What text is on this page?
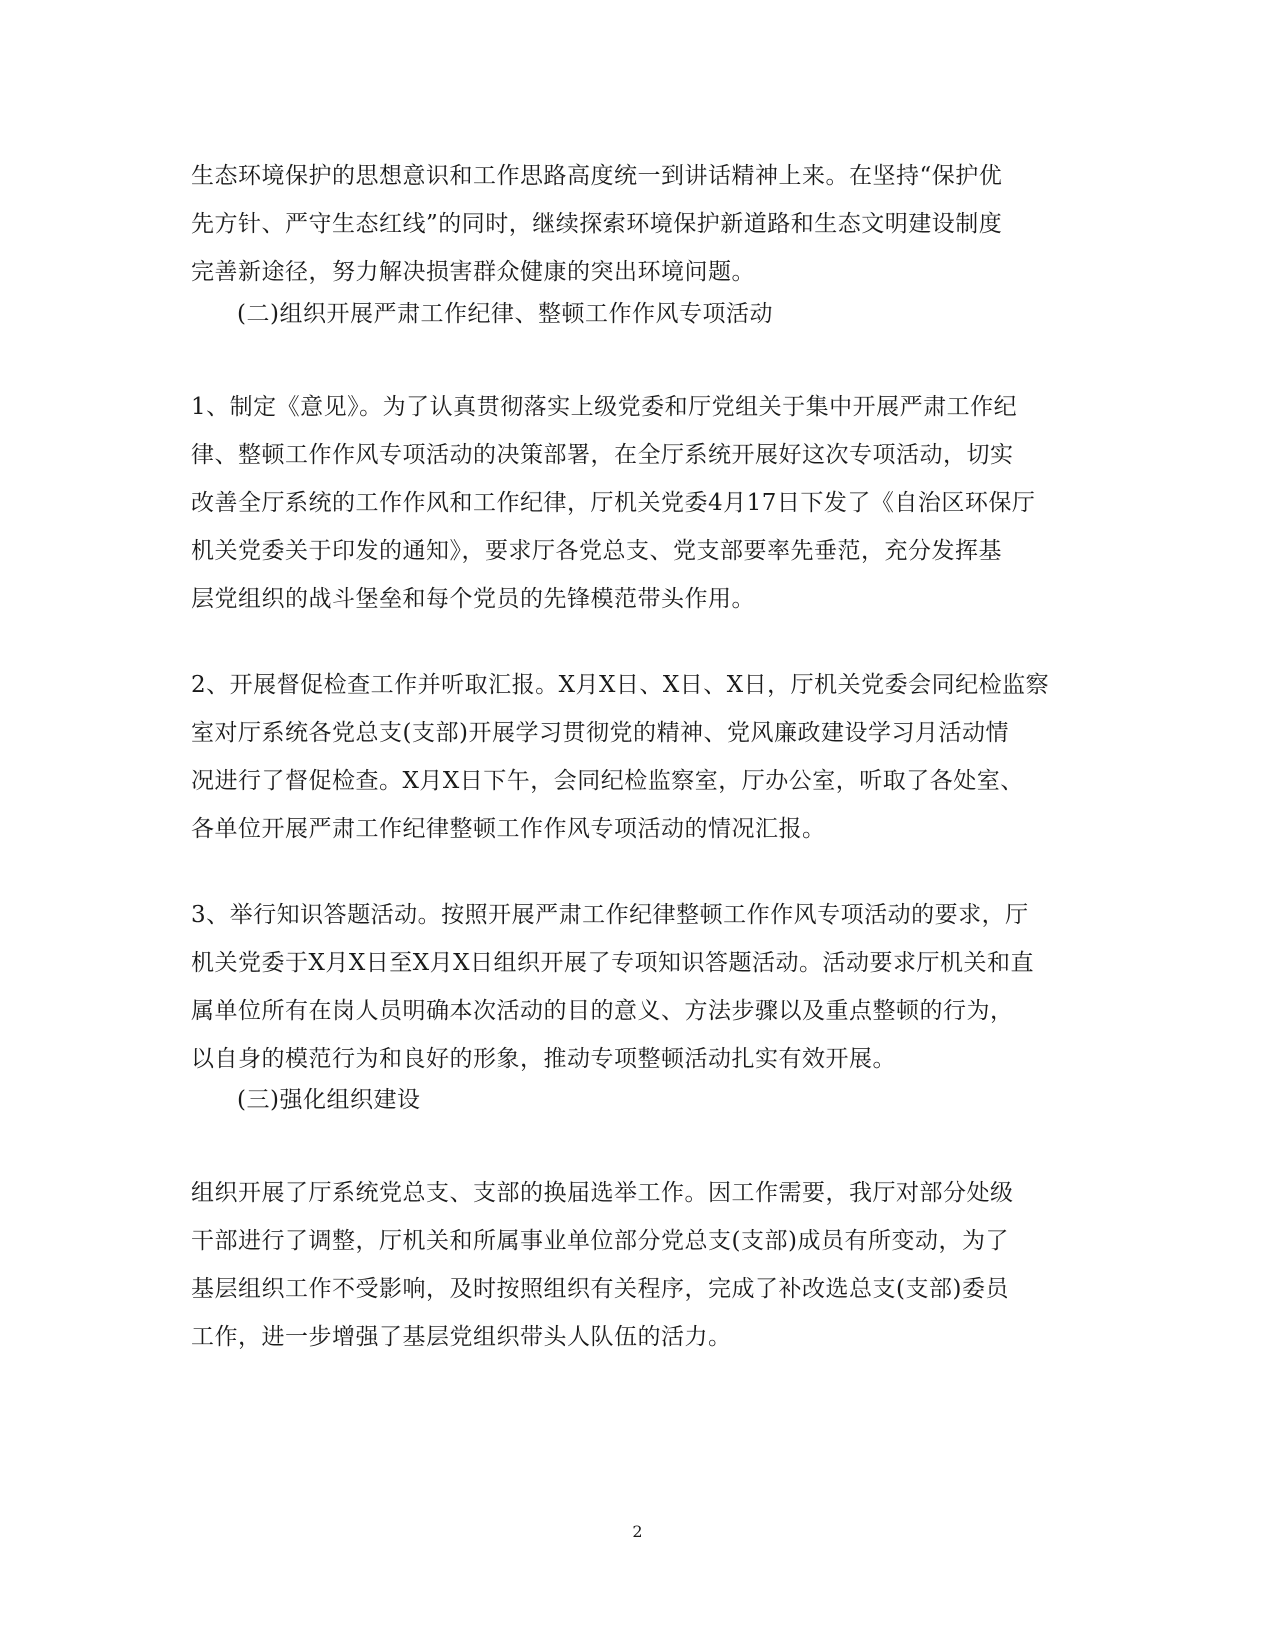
生态环境保护的思想意识和工作思路高度统一到讲话精神上来。在坚持“保护优
先方针、严守生态红线”的同时，继续探索环境保护新道路和生态文明建设制度
完善新途径，努力解决损害群众健康的突出环境问题。
(二)组织开展严肃工作纪律、整顿工作作风专项活动
1、制定《意见》。为了认真贯彻落实上级党委和厅党组关于集中开展严肃工作纪
律、整顿工作作风专项活动的决策部署，在全厅系统开展好这次专项活动，切实
改善全厅系统的工作作风和工作纪律，厅机关党委4月17日下发了《自治区环保厅
机关党委关于印发的通知》，要求厅各党总支、党支部要率先垂范，充分发挥基
层党组织的战斗堡垒和每个党员的先锋模范带头作用。
2、开展督促检查工作并听取汇报。X月X日、X日、X日，厅机关党委会同纪检监察
室对厅系统各党总支(支部)开展学习贯彻党的精神、党风廉政建设学习月活动情
况进行了督促检查。X月X日下午，会同纪检监察室，厅办公室，听取了各处室、
各单位开展严肃工作纪律整顿工作作风专项活动的情况汇报。
3、举行知识答题活动。按照开展严肃工作纪律整顿工作作风专项活动的要求，厅
机关党委于X月X日至X月X日组织开展了专项知识答题活动。活动要求厅机关和直
属单位所有在岗人员明确本次活动的目的意义、方法步骤以及重点整顿的行为，
以自身的模范行为和良好的形象，推动专项整顿活动扎实有效开展。
(三)强化组织建设
组织开展了厅系统党总支、支部的换届选举工作。因工作需要，我厅对部分处级
干部进行了调整，厅机关和所属事业单位部分党总支(支部)成员有所变动，为了
基层组织工作不受影响，及时按照组织有关程序，完成了补改选总支(支部)委员
工作，进一步增强了基层党组织带头人队伍的活力。
2
